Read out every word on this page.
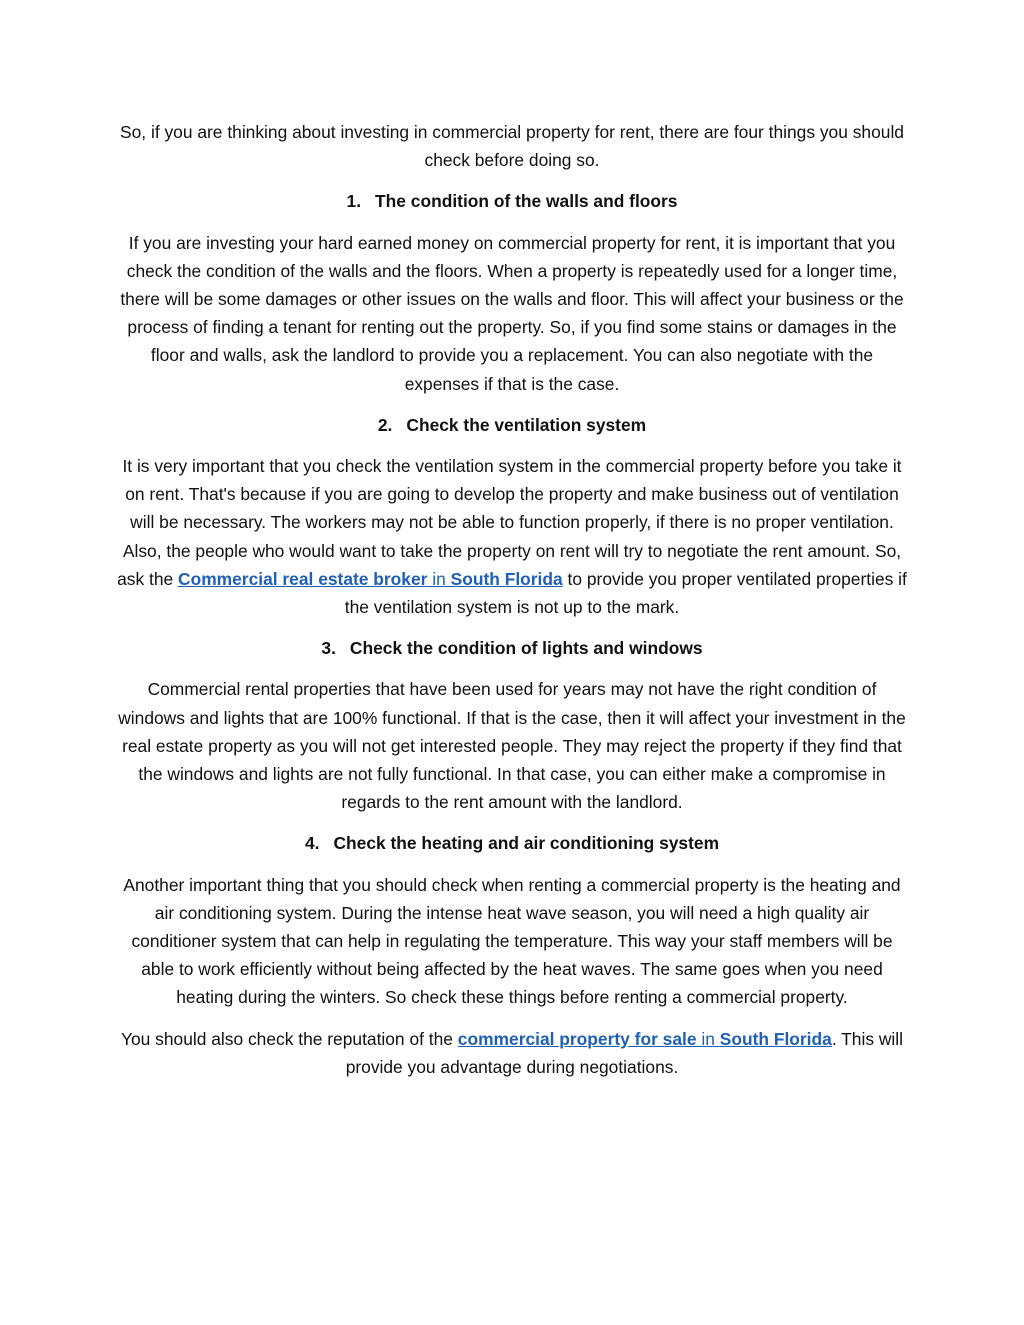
So, if you are thinking about investing in commercial property for rent, there are four things you should check before doing so.

1. The condition of the walls and floors

If you are investing your hard earned money on commercial property for rent, it is important that you check the condition of the walls and the floors. When a property is repeatedly used for a longer time, there will be some damages or other issues on the walls and floor. This will affect your business or the process of finding a tenant for renting out the property. So, if you find some stains or damages in the floor and walls, ask the landlord to provide you a replacement. You can also negotiate with the expenses if that is the case.

2. Check the ventilation system

It is very important that you check the ventilation system in the commercial property before you take it on rent. That's because if you are going to develop the property and make business out of ventilation will be necessary. The workers may not be able to function properly, if there is no proper ventilation. Also, the people who would want to take the property on rent will try to negotiate the rent amount. So, ask the Commercial real estate broker in South Florida to provide you proper ventilated properties if the ventilation system is not up to the mark.

3. Check the condition of lights and windows

Commercial rental properties that have been used for years may not have the right condition of windows and lights that are 100% functional. If that is the case, then it will affect your investment in the real estate property as you will not get interested people. They may reject the property if they find that the windows and lights are not fully functional. In that case, you can either make a compromise in regards to the rent amount with the landlord.

4. Check the heating and air conditioning system

Another important thing that you should check when renting a commercial property is the heating and air conditioning system. During the intense heat wave season, you will need a high quality air conditioner system that can help in regulating the temperature. This way your staff members will be able to work efficiently without being affected by the heat waves. The same goes when you need heating during the winters. So check these things before renting a commercial property.

You should also check the reputation of the commercial property for sale in South Florida. This will provide you advantage during negotiations.
